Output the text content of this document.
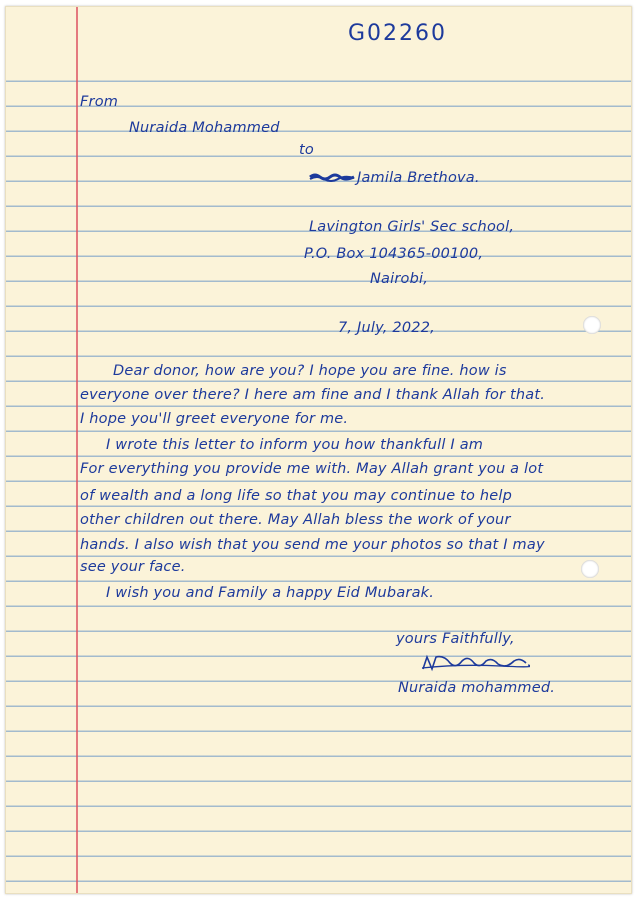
G02260
From
Nuraida Mohammed
to
Jamila Brethova.
Lavington Girls' Sec school,
P.O. Box 104365-00100,
Nairobi,
7, July, 2022,
Dear donor, how are you? I hope you are fine. how is
everyone over there? I here am fine and I thank Allah for that.
I hope you'll greet everyone for me.
I wrote this letter to inform you how thankfull I am
For everything you provide me with. May Allah grant you a lot
of wealth and a long life so that you may continue to help
other children out there. May Allah bless the work of your
hands. I also wish that you send me your photos so that I may
see your face.
I wish you and Family a happy Eid Mubarak.
yours Faithfully,
Nuraida mohammed.
